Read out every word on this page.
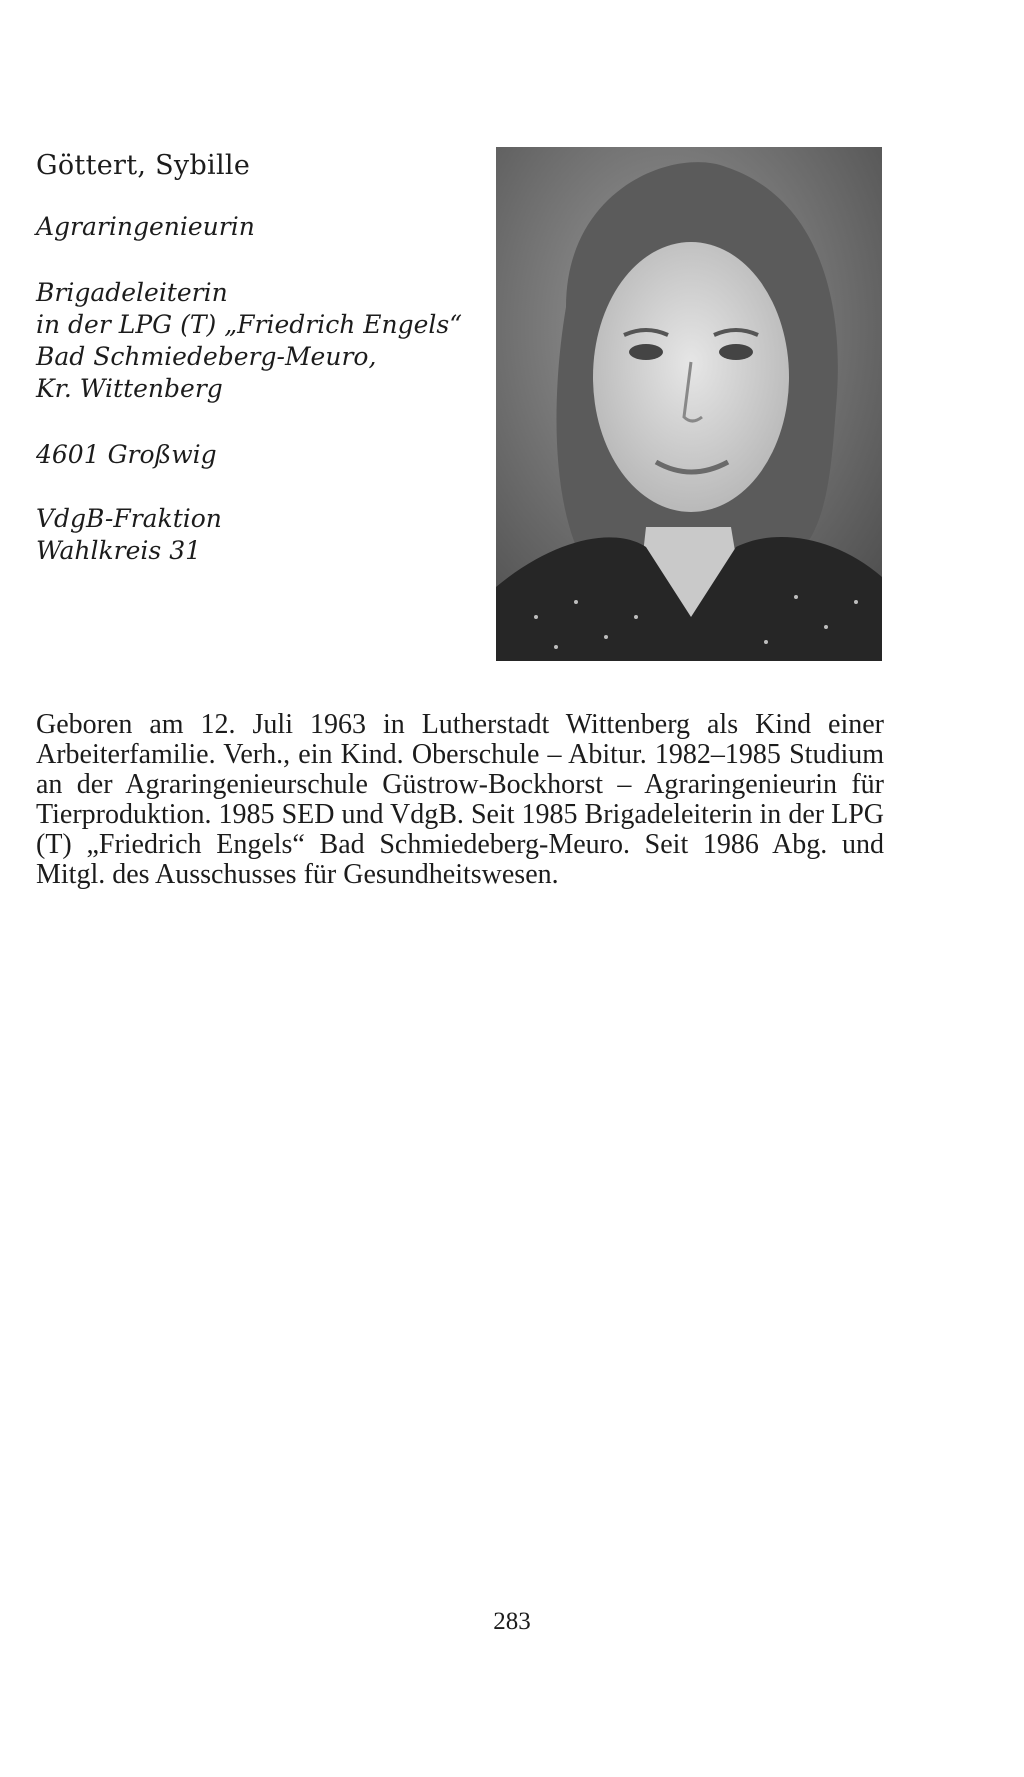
Göttert, Sybille

Agraringenieurin

Brigadeleiterin

in der LPG (T) „Friedrich Engels“

Bad Schmiedeberg-Meuro,

Kr. Wittenberg

4601 Großwig

VdgB-Fraktion

Wahlkreis 31

Geboren am 12. Juli 1963 in Lutherstadt Wittenberg als Kind einer Arbeiterfamilie. Verh., ein Kind. Oberschule – Abitur. 1982–1985 Studium an der Agraringenieurschule Güstrow-Bockhorst – Agraringenieurin für Tierproduktion. 1985 SED und VdgB. Seit 1985 Brigadeleiterin in der LPG (T) „Friedrich Engels“ Bad Schmiedeberg-Meuro. Seit 1986 Abg. und Mitgl. des Ausschusses für Gesundheitswesen.

283
